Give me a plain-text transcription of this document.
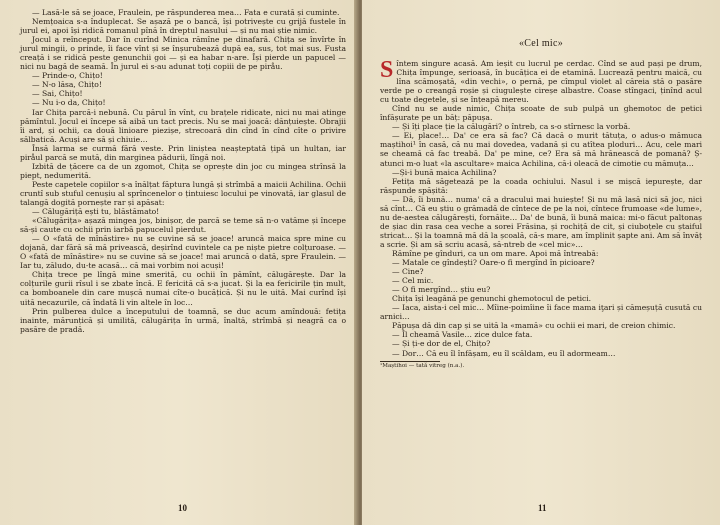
— Lasă-le să se joace, Fraulein, pe răspunderea mea… Fata e curată și cuminte.

Nemțoaica s-a înduplecat. Se așază pe o bancă, își potrivește cu grijă fustele în jurul ei, apoi își ridică romanul pînă în dreptul nasului — și nu mai știe nimic.

Jocul a reînceput. Dar în curînd Minica rămîne pe dinafară. Chița se învîrte în jurul mingii, o prinde, îi face vînt și se înșurubează după ea, sus, tot mai sus. Fusta creață i se ridică peste genunchii goi — și ea habar n-are. Își pierde un papucel — nici nu bagă de seamă. În jurul ei s-au adunat toți copiii de pe piråu.

— Prinde-o, Chițo!

— N-o lăsa, Chițo!

— Sai, Chițo!

— Nu i-o da, Chițo!

Iar Chița parcă-i nebună. Cu părul în vînt, cu brațele ridicate, nici nu mai atinge pămîntul. Jocul ei începe să aibă un tact precis. Nu se mai joacă: dănțuiește. Obrajii îi ard, și ochii, ca două linioare piezișe, strecoară din cînd în cînd cîte o privire sălbatică. Acuși are să și chiuie…

Însă larma se curmă fără veste. Prin liniștea neașteptată țipă un hultan, iar piråul parcă se mută, din marginea pădurii, lîngă noi.

Izbită de țăcere ca de un zgomot, Chița se oprește din joc cu mingea strînsă la piept, nedumerită.

Peste capetele copiilor s-a înălțat făptura lungă și strîmbă a maicii Achilina. Ochii cruntî sub stuful cenușiu al sprîncenelor o țintuiesc locului pe vinovată, iar glasul de talangă dogită pornește rar și apăsat:

— Călugăriță ești tu, blăstămato!

«Călugărița» așază mingea jos, binișor, de parcă se teme să n-o vatăme și începe să-și caute cu ochii prin iarbă papucelul pierdut.

— O «fată de mînăstire» nu se cuvine să se joace! aruncă maica spre mine cu dojană, dar fără să mă privească, deșirînd cuvintele ca pe niște pietre colțuroase. — O «fată de mînăstire» nu se cuvine să se joace! mai aruncă o dată, spre Fraulein. — Iar tu, zăludo, du-te acasă… că mai vorbim noi acuși!

Chița trece pe lîngă mine smerită, cu ochii în pămînt, călugărește. Dar la colțurile gurii rîsul i se zbate încă. E fericită că s-a jucat. Și la ea fericirile țin mult, ca bomboanele din care mușcă numai cîte-o bucățică. Și nu le uită. Mai curînd își uită necazurile, că îndată li vin altele în loc…

Prin pulberea dulce a începutului de toamnă, se duc acum amîndouă: fetița inainte, mărunțică și umilită, călugărița în urmă, înaltă, strîmbă și neagră ca o pasăre de pradă.

10
«Cel mic»

Sîntem singure acasă. Am ieșit cu lucrul pe cerdac. Cînd se aud pași pe drum, Chița împunge, serioasă, în bucățica ei de etamină. Lucrează pentru maică, cu lîna scămoșată, «din vechi», o pernă, pe cîmpul violet al căreia stă o pasăre verde pe o creangă roșie și ciugulește cireșe albastre. Coase stîngaci, ținînd acul cu toate degetele, și se înțeapă mereu.

Cînd nu se aude nimic, Chița scoate de sub pulpă un ghemotoc de petici înfășurate pe un băț: păpușa.

— Și îți place ție la călugări? o întreb, ca s-o stîrnesc la vorbă.

— Ei, place!… Da' ce era să fac? Că dacă o murit tătuța, o adus-o mămuca maștihoi¹ în casă, că nu mai dovedea, vadană și cu atîtea ploduri… Acu, cele mari se cheamă că fac treabă. Da' pe mine, ce? Era să mă hrănească de pomană? Ș-atunci m-o luat «la ascultare» maica Achilina, că-i oleacă de cimotie cu mămuța…

—Și-i bună maica Achilina?

Fetița mă săgetează pe la coada ochiului. Nasul i se mișcă iepurește, dar răspunde spășită:

— Dă, îi bună… numa' că a dracului mai huiește! Și nu mă lasă nici să joc, nici să cînt… Că eu știu o grămadă de cîntece de pe la noi, cîntece frumoase «de lume», nu de-aestea călugărești, fornăite… Da' de bună, îi bună maica: mi-o făcut paltonaș de șiac din rasa cea veche a sorei Frăsina, și rochiță de cit, și ciuboțele cu ștaiful stricat… Și la toamnă mă dă la școală, că-s mare, am împlinit șapte ani. Am să învăț a scrie. Și am să scriu acasă, să-ntreb de «cel mic»…

Rămîne pe gînduri, ca un om mare. Apoi mă întreabă:

— Matale ce gîndești? Oare-o fi mergînd în picioare?

— Cine?

— Cel mic.

— O fi mergînd… știu eu?

Chița își leagănă pe genunchi ghemotocul de petici.

— Iaca, aista-i cel mic… Mîine-poimîine îi face mama iţari și cămeșuță cusută cu arnici…

Păpușa dă din cap și se uită la «mamă» cu ochii ei mari, de creion chimic.

— Îl cheamă Vasile… zice dulce fata.

— Și ți-e dor de el, Chițo?

— Dor… Că eu îl înfășam, eu îl scăldam, eu îl adormeam…

¹Maștihoi — tată vitreg (n.a.).

11
